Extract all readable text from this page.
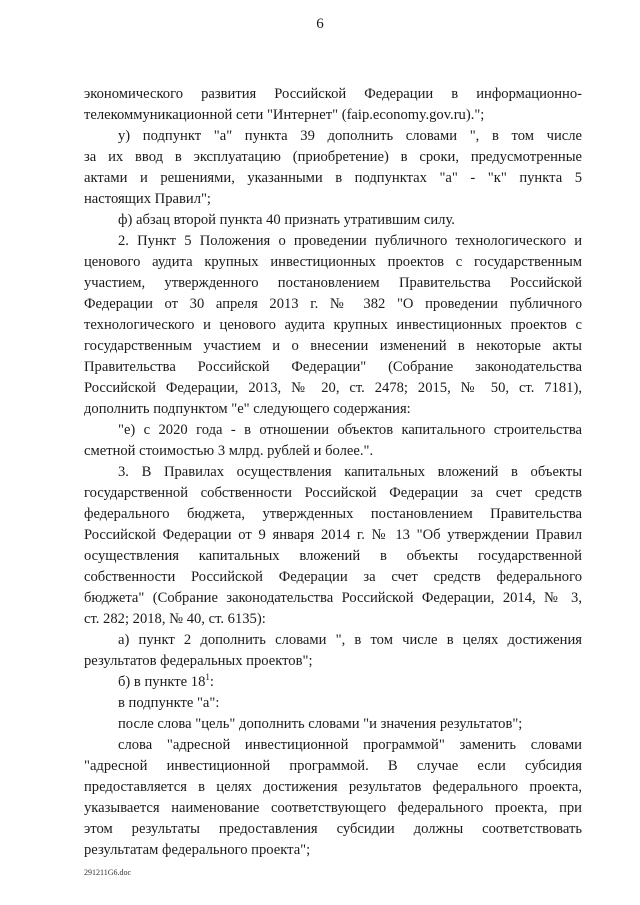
6
экономического развития Российской Федерации в информационно-
телекоммуникационной сети "Интернет" (faip.economy.gov.ru).";
у) подпункт "а" пункта 39 дополнить словами ", в том числе
за их ввод в эксплуатацию (приобретение) в сроки, предусмотренные
актами и решениями, указанными в подпунктах "а" - "к" пункта 5
настоящих Правил";
ф) абзац второй пункта 40 признать утратившим силу.
2. Пункт 5 Положения о проведении публичного технологического и
ценового аудита крупных инвестиционных проектов с государственным
участием, утвержденного постановлением Правительства Российской
Федерации от 30 апреля 2013 г. № 382 "О проведении публичного
технологического и ценового аудита крупных инвестиционных проектов с
государственным участием и о внесении изменений в некоторые акты
Правительства Российской Федерации" (Собрание законодательства
Российской Федерации, 2013, № 20, ст. 2478; 2015, № 50, ст. 7181),
дополнить подпунктом "е" следующего содержания:
"е) с 2020 года - в отношении объектов капитального строительства
сметной стоимостью 3 млрд. рублей и более.".
3. В Правилах осуществления капитальных вложений в объекты
государственной собственности Российской Федерации за счет средств
федерального бюджета, утвержденных постановлением Правительства
Российской Федерации от 9 января 2014 г. № 13 "Об утверждении Правил
осуществления капитальных вложений в объекты государственной
собственности Российской Федерации за счет средств федерального
бюджета" (Собрание законодательства Российской Федерации, 2014, № 3,
ст. 282; 2018, № 40, ст. 6135):
а) пункт 2 дополнить словами ", в том числе в целях достижения
результатов федеральных проектов";
б) в пункте $18^1$:
в подпункте "а":
после слова "цель" дополнить словами "и значения результатов";
слова "адресной инвестиционной программой" заменить словами
"адресной инвестиционной программой. В случае если субсидия
предоставляется в целях достижения результатов федерального проекта,
указывается наименование соответствующего федерального проекта, при
этом результаты предоставления субсидии должны соответствовать
результатам федерального проекта";
291211G6.doc
